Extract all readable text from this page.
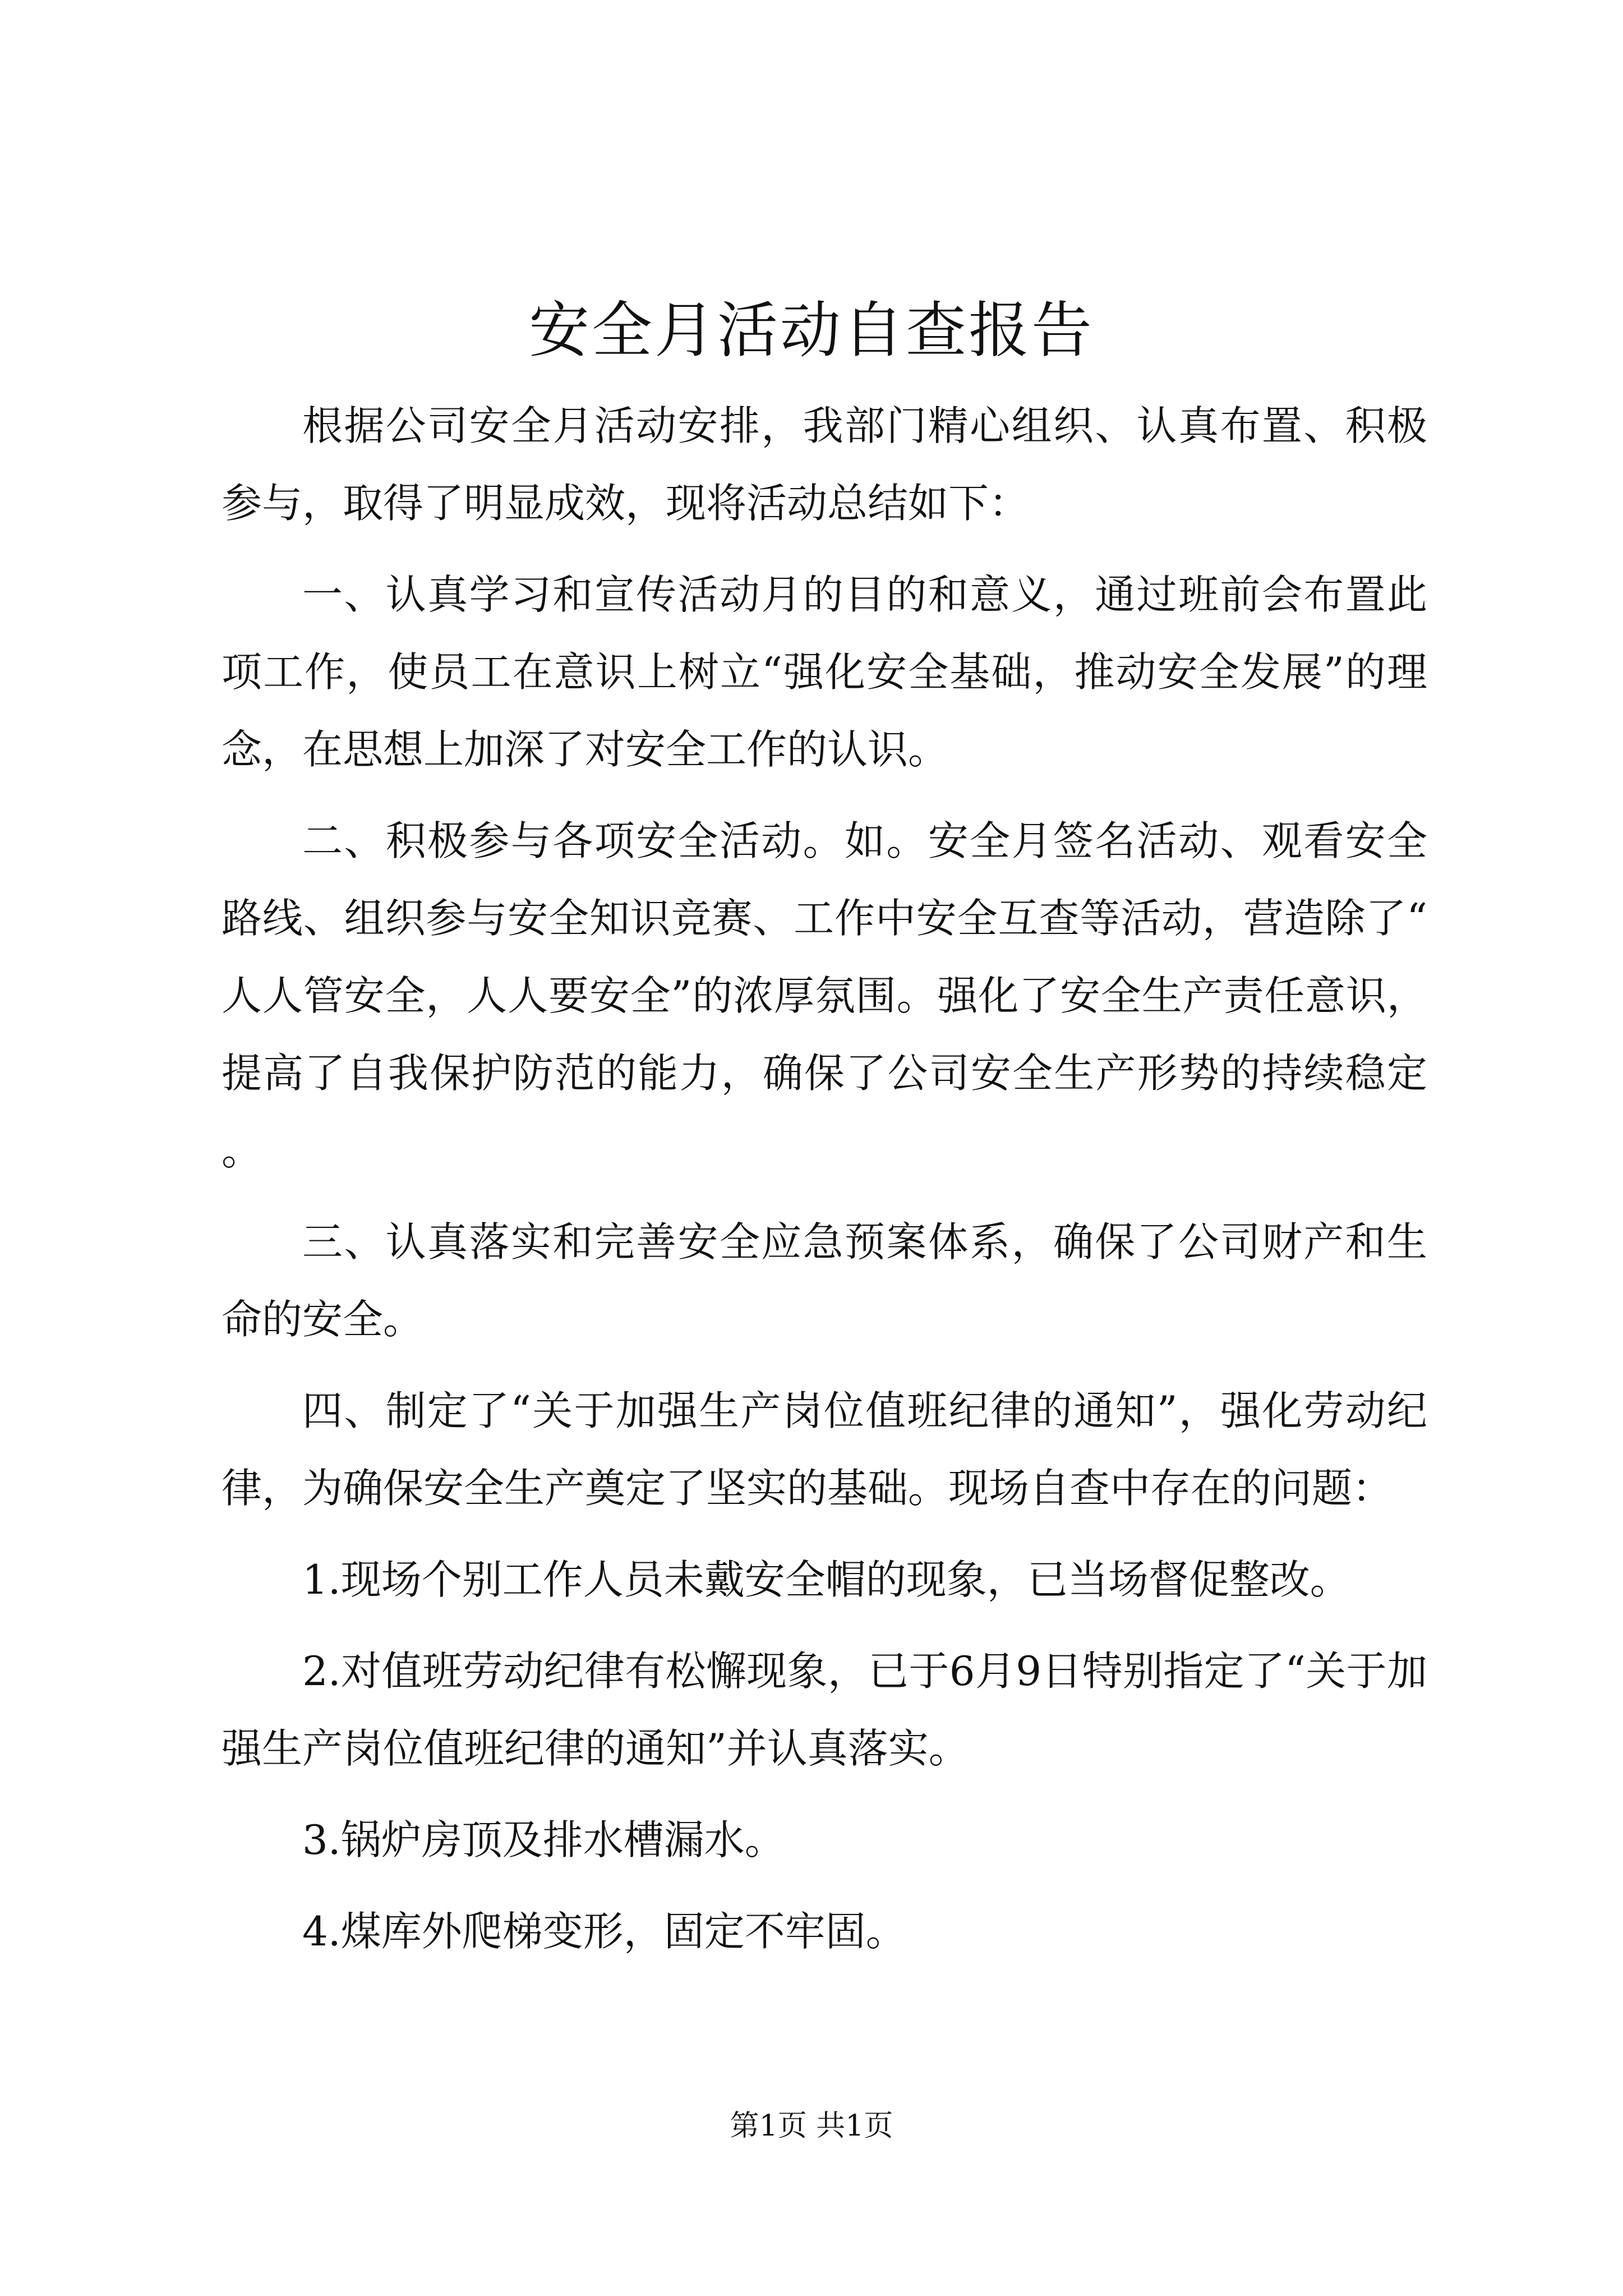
安全月活动自查报告

根据公司安全月活动安排，我部门精心组织、认真布置、积极参与，取得了明显成效，现将活动总结如下：

一、认真学习和宣传活动月的目的和意义，通过班前会布置此项工作，使员工在意识上树立“强化安全基础，推动安全发展”的理念，在思想上加深了对安全工作的认识。

二、积极参与各项安全活动。如。安全月签名活动、观看安全路线、组织参与安全知识竞赛、工作中安全互查等活动，营造除了“人人管安全，人人要安全”的浓厚氛围。强化了安全生产责任意识，提高了自我保护防范的能力，确保了公司安全生产形势的持续稳定。

三、认真落实和完善安全应急预案体系，确保了公司财产和生命的安全。

四、制定了“关于加强生产岗位值班纪律的通知”，强化劳动纪律，为确保安全生产奠定了坚实的基础。现场自查中存在的问题：

1.现场个别工作人员未戴安全帽的现象，已当场督促整改。

2.对值班劳动纪律有松懈现象，已于6月9日特别指定了“关于加强生产岗位值班纪律的通知”并认真落实。

3.锅炉房顶及排水槽漏水。

4.煤库外爬梯变形，固定不牢固。

第1页 共1页
